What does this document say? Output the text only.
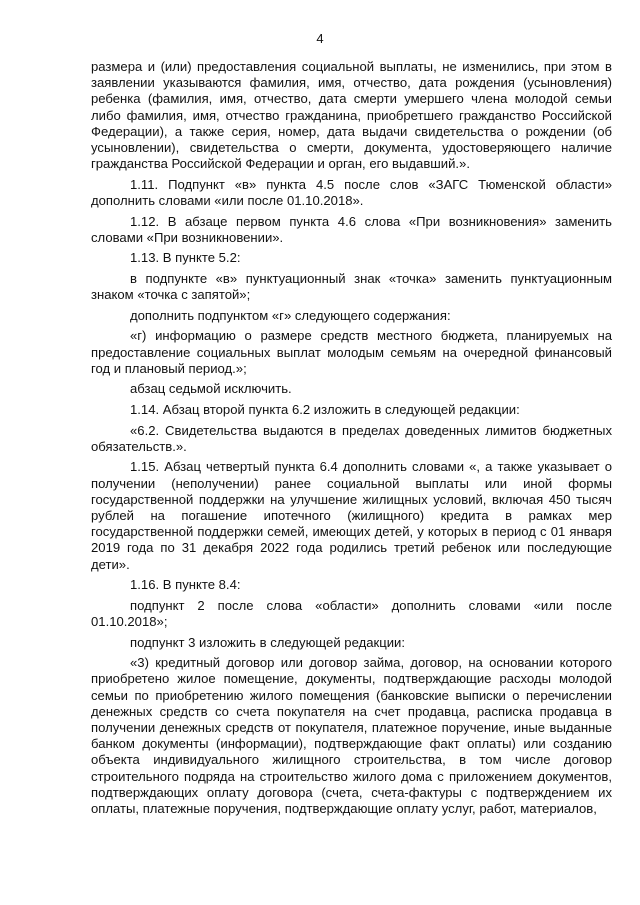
4

размера и (или) предоставления социальной выплаты, не изменились, при этом в заявлении указываются фамилия, имя, отчество, дата рождения (усыновления) ребенка (фамилия, имя, отчество, дата смерти умершего члена молодой семьи либо фамилия, имя, отчество гражданина, приобретшего гражданство Российской Федерации), а также серия, номер, дата выдачи свидетельства о рождении (об усыновлении), свидетельства о смерти, документа, удостоверяющего наличие гражданства Российской Федерации и орган, его выдавший.».

1.11. Подпункт «в» пункта 4.5 после слов «ЗАГС Тюменской области» дополнить словами «или после 01.10.2018».

1.12. В абзаце первом пункта 4.6 слова «При возникновения» заменить словами «При возникновении».

1.13. В пункте 5.2:

в подпункте «в» пунктуационный знак «точка» заменить пунктуационным знаком «точка с запятой»;

дополнить подпунктом «г» следующего содержания:

«г) информацию о размере средств местного бюджета, планируемых на предоставление социальных выплат молодым семьям на очередной финансовый год и плановый период.»;

абзац седьмой исключить.

1.14. Абзац второй пункта 6.2 изложить в следующей редакции:

«6.2. Свидетельства выдаются в пределах доведенных лимитов бюджетных обязательств.».

1.15. Абзац четвертый пункта 6.4 дополнить словами «, а также указывает о получении (неполучении) ранее социальной выплаты или иной формы государственной поддержки на улучшение жилищных условий, включая 450 тысяч рублей на погашение ипотечного (жилищного) кредита в рамках мер государственной поддержки семей, имеющих детей, у которых в период с 01 января 2019 года по 31 декабря 2022 года родились третий ребенок или последующие дети».

1.16. В пункте 8.4:

подпункт 2 после слова «области» дополнить словами «или после 01.10.2018»;

подпункт 3 изложить в следующей редакции:

«3) кредитный договор или договор займа, договор, на основании которого приобретено жилое помещение, документы, подтверждающие расходы молодой семьи по приобретению жилого помещения (банковские выписки о перечислении денежных средств со счета покупателя на счет продавца, расписка продавца в получении денежных средств от покупателя, платежное поручение, иные выданные банком документы (информации), подтверждающие факт оплаты) или созданию объекта индивидуального жилищного строительства, в том числе договор строительного подряда на строительство жилого дома с приложением документов, подтверждающих оплату договора (счета, счета-фактуры с подтверждением их оплаты, платежные поручения, подтверждающие оплату услуг, работ, материалов,
